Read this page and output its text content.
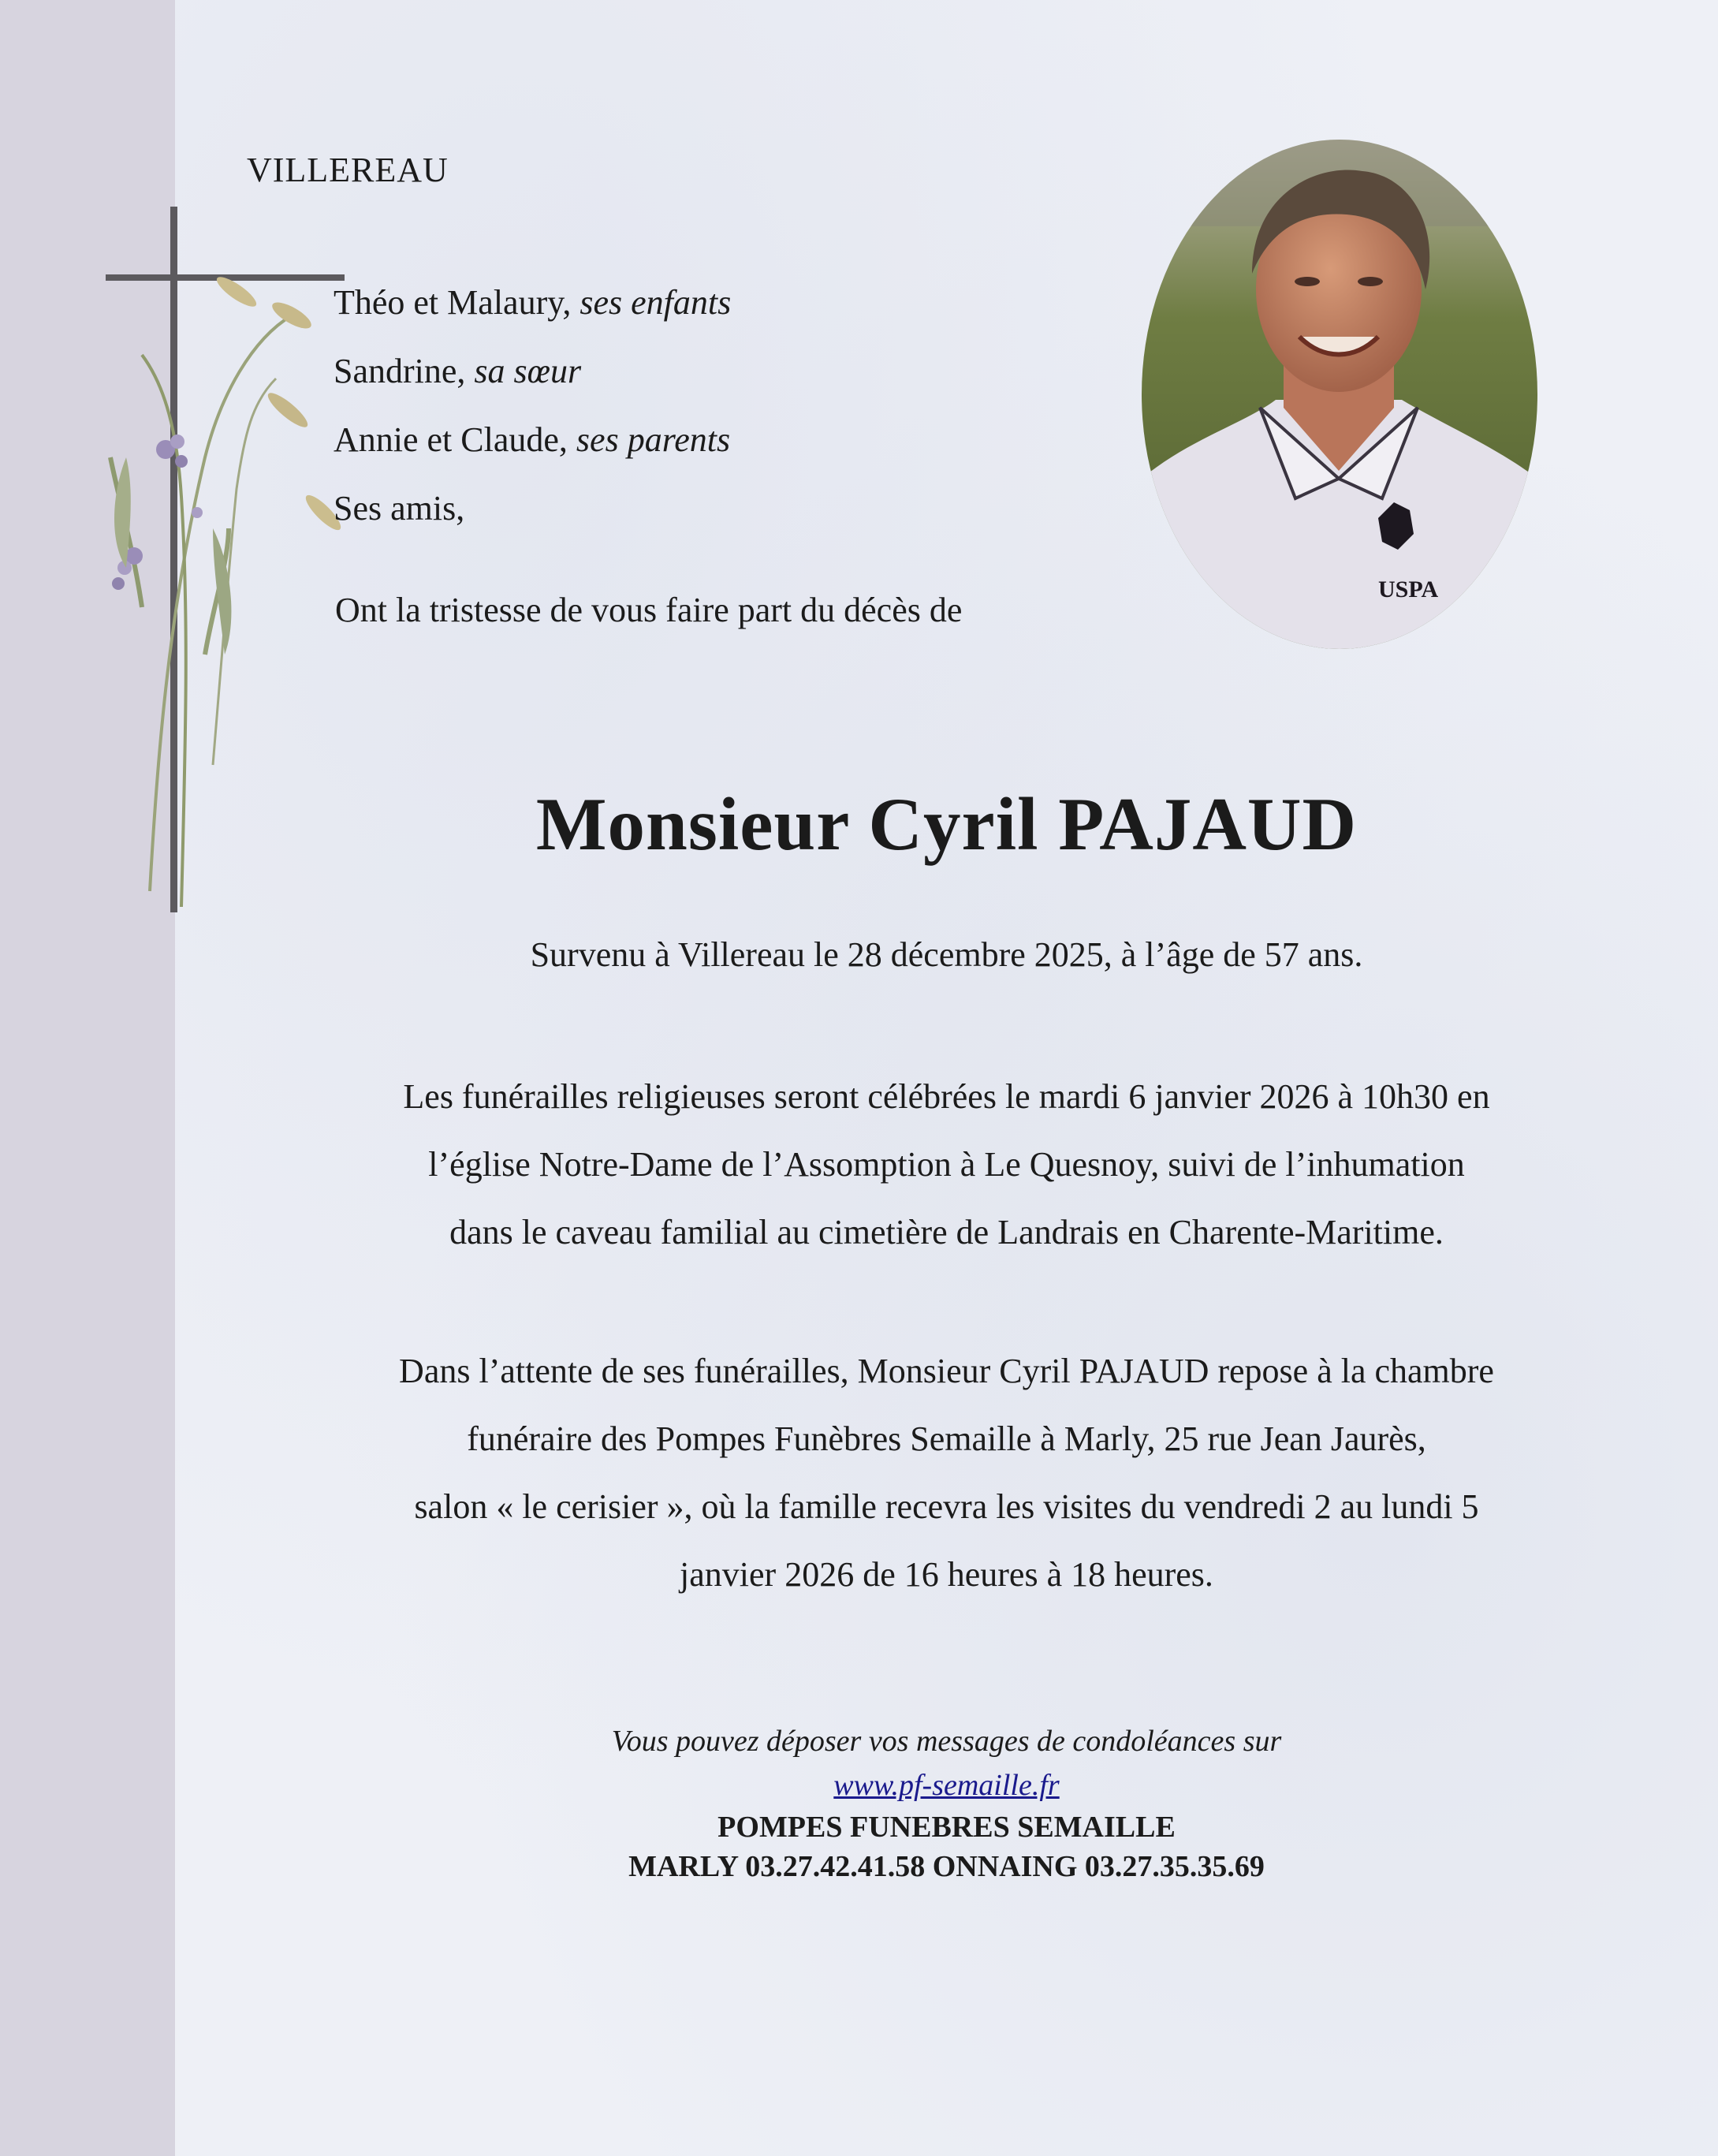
VILLEREAU
Théo et Malaury, ses enfants
Sandrine, sa sœur
Annie et Claude, ses parents
Ses amis,
Ont la tristesse de vous faire part du décès de
USPA
Monsieur Cyril PAJAUD
Survenu à Villereau le 28 décembre 2025, à l’âge de 57 ans.
Les funérailles religieuses seront célébrées le mardi 6 janvier 2026 à 10h30 en
l’église Notre-Dame de l’Assomption à Le Quesnoy, suivi de l’inhumation
dans le caveau familial au cimetière de Landrais en Charente-Maritime.
Dans l’attente de ses funérailles, Monsieur Cyril PAJAUD repose à la chambre
funéraire des Pompes Funèbres Semaille à Marly, 25 rue Jean Jaurès,
salon « le cerisier », où la famille recevra les visites du vendredi 2 au lundi 5
janvier 2026 de 16 heures à 18 heures.
Vous pouvez déposer vos messages de condoléances sur
www.pf-semaille.fr
POMPES FUNEBRES SEMAILLE
MARLY 03.27.42.41.58 ONNAING 03.27.35.35.69
